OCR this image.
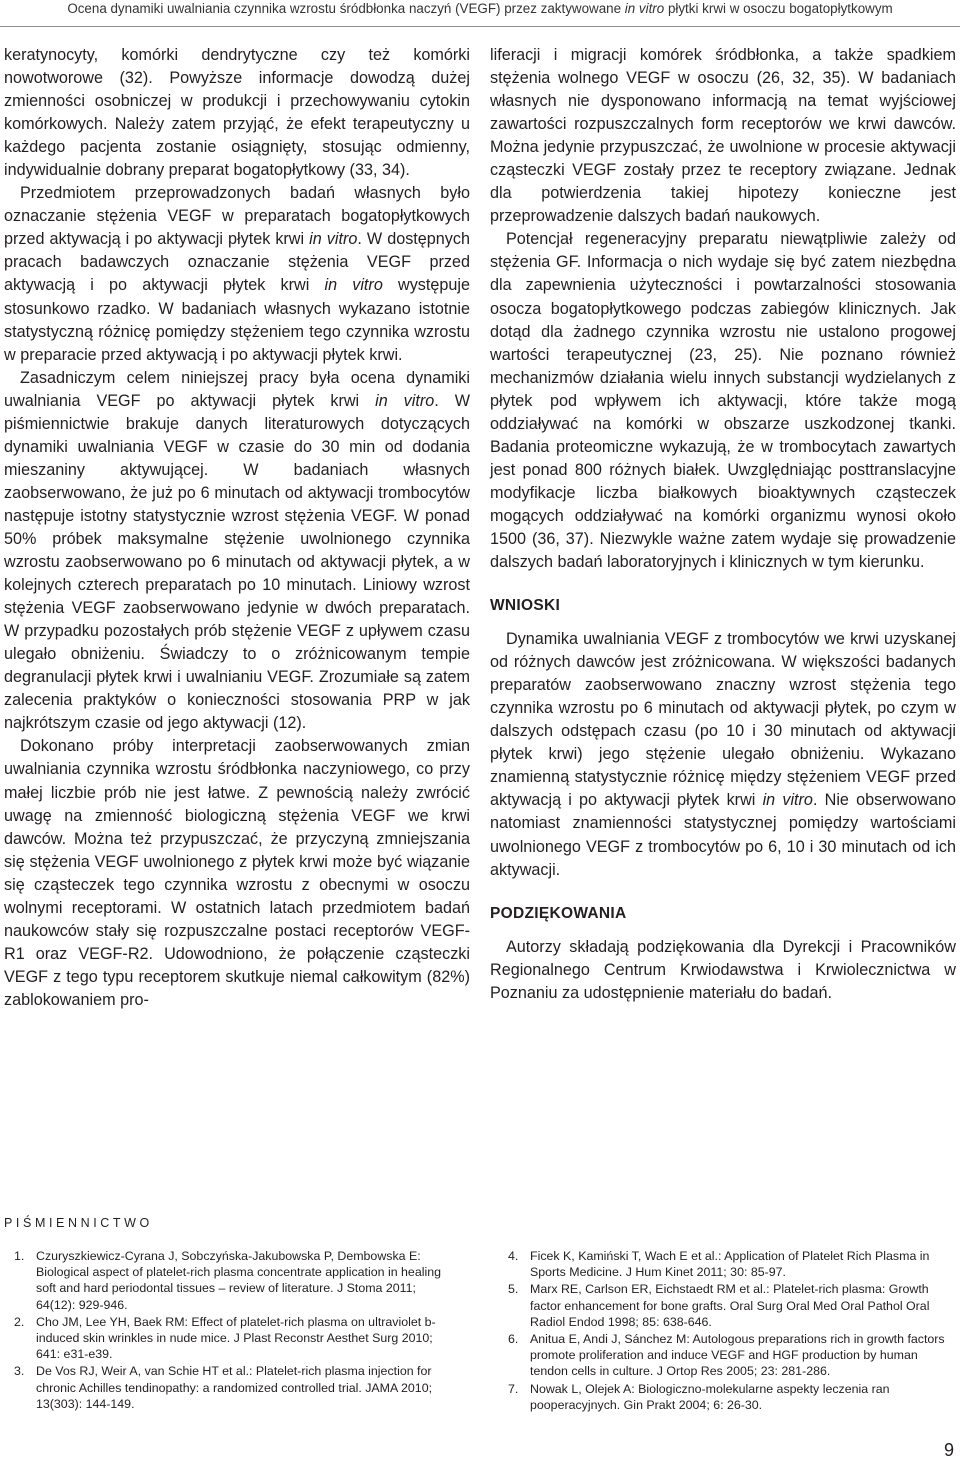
Ocena dynamiki uwalniania czynnika wzrostu śródbłonka naczyń (VEGF) przez zaktywowane in vitro płytki krwi w osoczu bogatopłytkowym

keratynocyty, komórki dendrytyczne czy też komórki nowotworowe (32). Powyższe informacje dowodzą dużej zmienności osobniczej w produkcji i przechowywaniu cytokin komórkowych. Należy zatem przyjąć, że efekt terapeutyczny u każdego pacjenta zostanie osiągnięty, stosując odmienny, indywidualnie dobrany preparat bogatopłytkowy (33, 34).

Przedmiotem przeprowadzonych badań własnych było oznaczanie stężenia VEGF w preparatach bogatopłytkowych przed aktywacją i po aktywacji płytek krwi in vitro. W dostępnych pracach badawczych oznaczanie stężenia VEGF przed aktywacją i po aktywacji płytek krwi in vitro występuje stosunkowo rzadko. W badaniach własnych wykazano istotnie statystyczną różnicę pomiędzy stężeniem tego czynnika wzrostu w preparacie przed aktywacją i po aktywacji płytek krwi.

Zasadniczym celem niniejszej pracy była ocena dynamiki uwalniania VEGF po aktywacji płytek krwi in vitro. W piśmiennictwie brakuje danych literaturowych dotyczących dynamiki uwalniania VEGF w czasie do 30 min od dodania mieszaniny aktywującej. W badaniach własnych zaobserwowano, że już po 6 minutach od aktywacji trombocytów następuje istotny statystycznie wzrost stężenia VEGF. W ponad 50% próbek maksymalne stężenie uwolnionego czynnika wzrostu zaobserwowano po 6 minutach od aktywacji płytek, a w kolejnych czterech preparatach po 10 minutach. Liniowy wzrost stężenia VEGF zaobserwowano jedynie w dwóch preparatach. W przypadku pozostałych prób stężenie VEGF z upływem czasu ulegało obniżeniu. Świadczy to o zróżnicowanym tempie degranulacji płytek krwi i uwalnianiu VEGF. Zrozumiałe są zatem zalecenia praktyków o konieczności stosowania PRP w jak najkrótszym czasie od jego aktywacji (12).

Dokonano próby interpretacji zaobserwowanych zmian uwalniania czynnika wzrostu śródbłonka naczyniowego, co przy małej liczbie prób nie jest łatwe. Z pewnością należy zwrócić uwagę na zmienność biologiczną stężenia VEGF we krwi dawców. Można też przypuszczać, że przyczyną zmniejszania się stężenia VEGF uwolnionego z płytek krwi może być wiązanie się cząsteczek tego czynnika wzrostu z obecnymi w osoczu wolnymi receptorami. W ostatnich latach przedmiotem badań naukowców stały się rozpuszczalne postaci receptorów VEGF-R1 oraz VEGF-R2. Udowodniono, że połączenie cząsteczki VEGF z tego typu receptorem skutkuje niemal całkowitym (82%) zablokowaniem pro-

liferacji i migracji komórek śródbłonka, a także spadkiem stężenia wolnego VEGF w osoczu (26, 32, 35). W badaniach własnych nie dysponowano informacją na temat wyjściowej zawartości rozpuszczalnych form receptorów we krwi dawców. Można jedynie przypuszczać, że uwolnione w procesie aktywacji cząsteczki VEGF zostały przez te receptory związane. Jednak dla potwierdzenia takiej hipotezy konieczne jest przeprowadzenie dalszych badań naukowych.

Potencjał regeneracyjny preparatu niewątpliwie zależy od stężenia GF. Informacja o nich wydaje się być zatem niezbędna dla zapewnienia użyteczności i powtarzalności stosowania osocza bogatopłytkowego podczas zabiegów klinicznych. Jak dotąd dla żadnego czynnika wzrostu nie ustalono progowej wartości terapeutycznej (23, 25). Nie poznano również mechanizmów działania wielu innych substancji wydzielanych z płytek pod wpływem ich aktywacji, które także mogą oddziaływać na komórki w obszarze uszkodzonej tkanki. Badania proteomiczne wykazują, że w trombocytach zawartych jest ponad 800 różnych białek. Uwzględniając posttranslacyjne modyfikacje liczba białkowych bioaktywnych cząsteczek mogących oddziaływać na komórki organizmu wynosi około 1500 (36, 37). Niezwykle ważne zatem wydaje się prowadzenie dalszych badań laboratoryjnych i klinicznych w tym kierunku.

WNIOSKI

Dynamika uwalniania VEGF z trombocytów we krwi uzyskanej od różnych dawców jest zróżnicowana. W większości badanych preparatów zaobserwowano znaczny wzrost stężenia tego czynnika wzrostu po 6 minutach od aktywacji płytek, po czym w dalszych odstępach czasu (po 10 i 30 minutach od aktywacji płytek krwi) jego stężenie ulegało obniżeniu. Wykazano znamienną statystycznie różnicę między stężeniem VEGF przed aktywacją i po aktywacji płytek krwi in vitro. Nie obserwowano natomiast znamienności statystycznej pomiędzy wartościami uwolnionego VEGF z trombocytów po 6, 10 i 30 minutach od ich aktywacji.

PODZIĘKOWANIA

Autorzy składają podziękowania dla Dyrekcji i Pracowników Regionalnego Centrum Krwiodawstwa i Krwiolecznictwa w Poznaniu za udostępnienie materiału do badań.

PIŚMIENNICTWO
1. Czuryszkiewicz-Cyrana J, Sobczyńska-Jakubowska P, Dembowska E: Biological aspect of platelet-rich plasma concentrate application in healing soft and hard periodontal tissues – review of literature. J Stoma 2011; 64(12): 929-946.
2. Cho JM, Lee YH, Baek RM: Effect of platelet-rich plasma on ultraviolet b-induced skin wrinkles in nude mice. J Plast Reconstr Aesthet Surg 2010; 641: e31-e39.
3. De Vos RJ, Weir A, van Schie HT et al.: Platelet-rich plasma injection for chronic Achilles tendinopathy: a randomized controlled trial. JAMA 2010; 13(303): 144-149.
4. Ficek K, Kamiński T, Wach E et al.: Application of Platelet Rich Plasma in Sports Medicine. J Hum Kinet 2011; 30: 85-97.
5. Marx RE, Carlson ER, Eichstaedt RM et al.: Platelet-rich plasma: Growth factor enhancement for bone grafts. Oral Surg Oral Med Oral Pathol Oral Radiol Endod 1998; 85: 638-646.
6. Anitua E, Andi J, Sánchez M: Autologous preparations rich in growth factors promote proliferation and induce VEGF and HGF production by human tendon cells in culture. J Ortop Res 2005; 23: 281-286.
7. Nowak L, Olejek A: Biologiczno-molekularne aspekty leczenia ran pooperacyjnych. Gin Prakt 2004; 6: 26-30.
9
